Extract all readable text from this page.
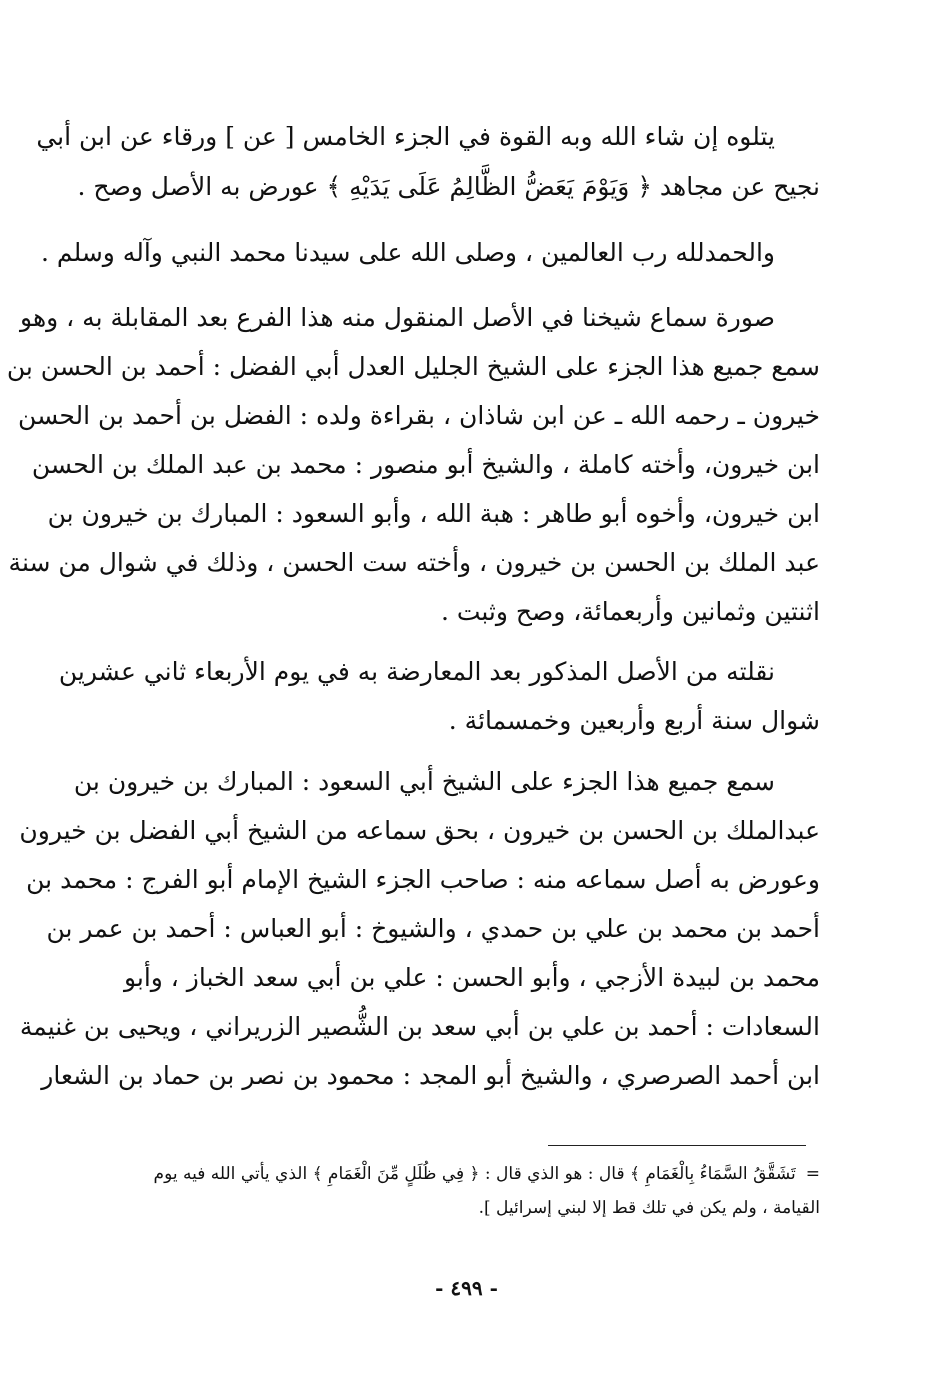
يتلوه إن شاء الله وبه القوة في الجزء الخامس [ عن ] ورقاء عن ابن أبي
نجيح عن مجاهد ﴿ وَيَوْمَ يَعَضُّ الظَّالِمُ عَلَى يَدَيْهِ ﴾ عورض به الأصل وصح .
والحمدلله رب العالمين ، وصلى الله على سيدنا محمد النبي وآله وسلم .
صورة سماع شيخنا في الأصل المنقول منه هذا الفرع بعد المقابلة به ، وهو
سمع جميع هذا الجزء على الشيخ الجليل العدل أبي الفضل : أحمد بن الحسن بن
خيرون ـ رحمه الله ـ عن ابن شاذان ، بقراءة ولده : الفضل بن أحمد بن الحسن
ابن خيرون، وأخته كاملة ، والشيخ أبو منصور : محمد بن عبد الملك بن الحسن
ابن خيرون، وأخوه أبو طاهر : هبة الله ، وأبو السعود : المبارك بن خيرون بن
عبد الملك بن الحسن بن خيرون ، وأخته ست الحسن ، وذلك في شوال من سنة
اثنتين وثمانين وأربعمائة، وصح وثبت .
نقلته من الأصل المذكور بعد المعارضة به في يوم الأربعاء ثاني عشرين
شوال سنة أربع وأربعين وخمسمائة .
سمع جميع هذا الجزء على الشيخ أبي السعود : المبارك بن خيرون بن
عبدالملك بن الحسن بن خيرون ، بحق سماعه من الشيخ أبي الفضل بن خيرون
وعورض به أصل سماعه منه : صاحب الجزء الشيخ الإمام أبو الفرج : محمد بن
أحمد بن محمد بن علي بن حمدي ، والشيوخ : أبو العباس : أحمد بن عمر بن
محمد بن لبيدة الأزجي ، وأبو الحسن : علي بن أبي سعد الخباز ، وأبو
السعادات : أحمد بن علي بن أبي سعد بن الشُّصير الزريراني ، ويحيى بن غنيمة
ابن أحمد الصرصري ، والشيخ أبو المجد : محمود بن نصر بن حماد بن الشعار
=تَشَقَّقُ السَّمَاءُ بِالْغَمَامِ ﴾ قال : هو الذي قال : ﴿ فِي ظُلَلٍ مِّنَ الْغَمَامِ ﴾ الذي يأتي الله فيه يوم
القيامة ، ولم يكن في تلك قط إلا لبني إسرائيل ].
- ٤٩٩ -
